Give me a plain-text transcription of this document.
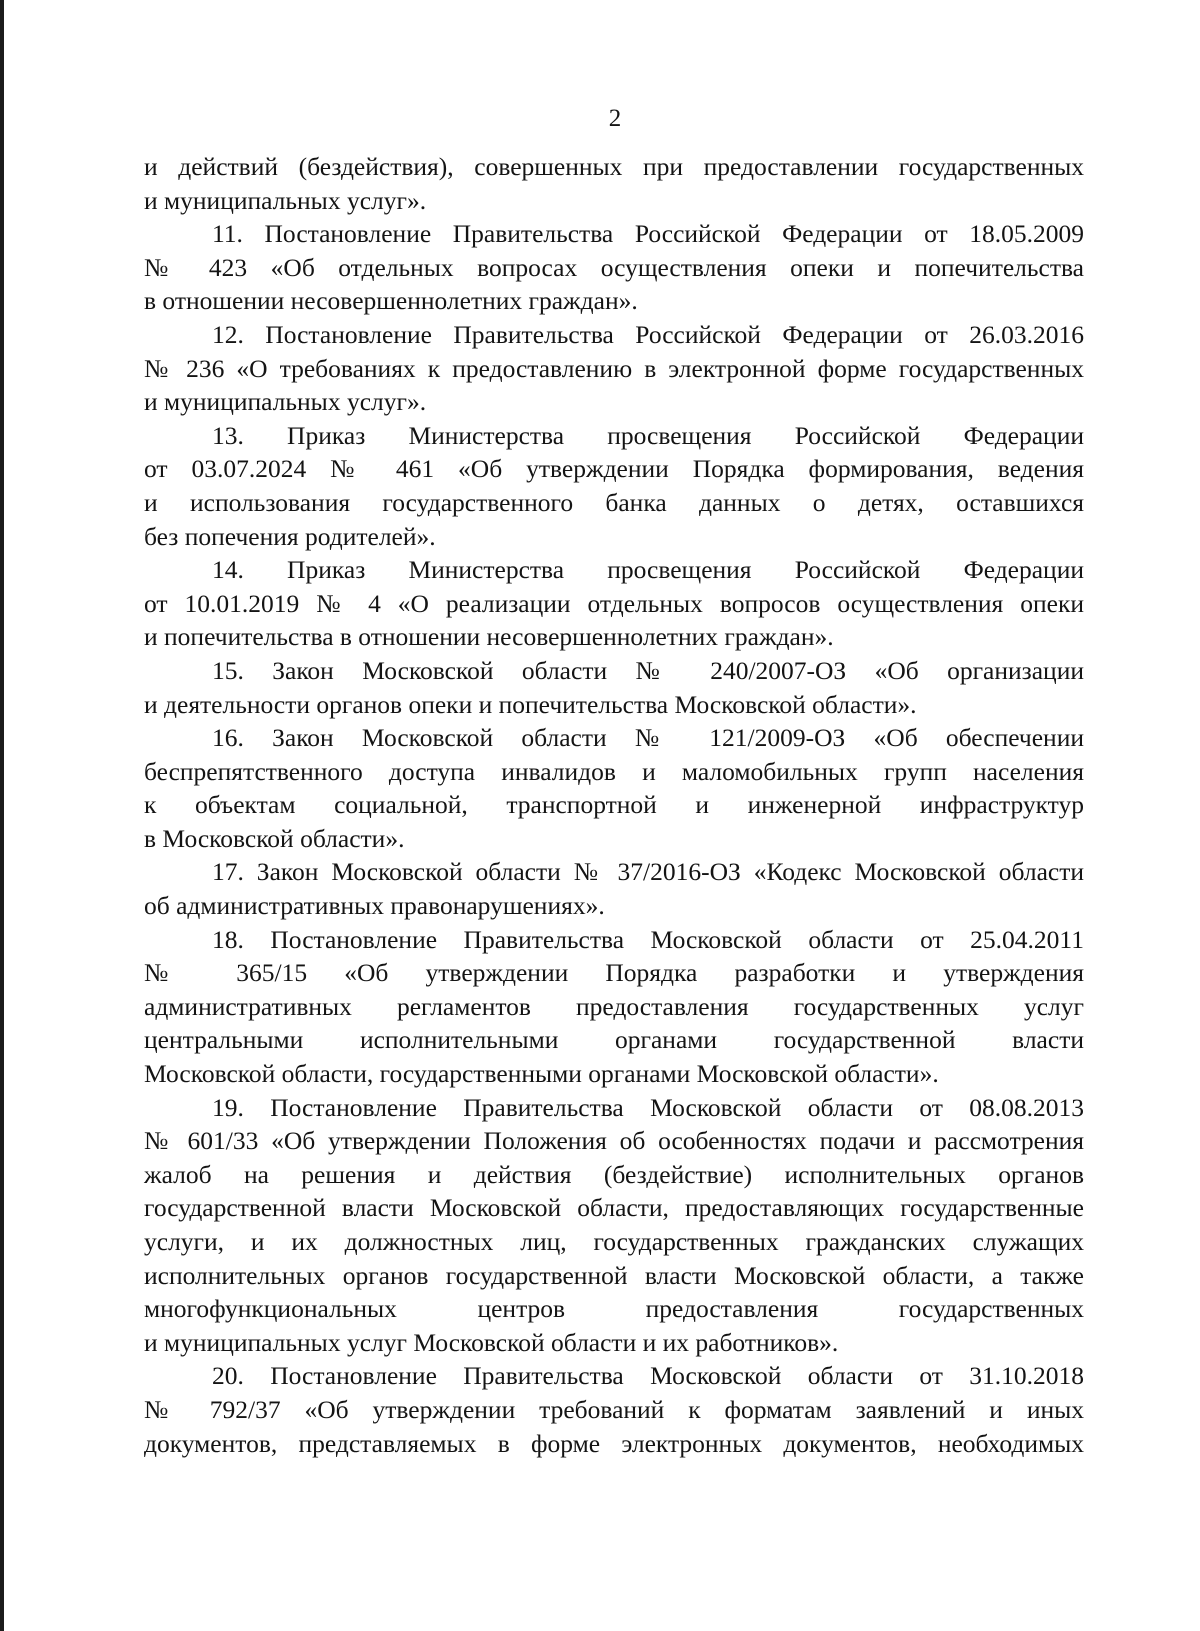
2

и действий (бездействия), совершенных при предоставлении государственных
и муниципальных услуг».

11. Постановление Правительства Российской Федерации от 18.05.2009
№ 423 «Об отдельных вопросах осуществления опеки и попечительства
в отношении несовершеннолетних граждан».

12. Постановление Правительства Российской Федерации от 26.03.2016
№ 236 «О требованиях к предоставлению в электронной форме государственных
и муниципальных услуг».

13. Приказ Министерства просвещения Российской Федерации
от 03.07.2024 № 461 «Об утверждении Порядка формирования, ведения
и использования государственного банка данных о детях, оставшихся
без попечения родителей».

14. Приказ Министерства просвещения Российской Федерации
от 10.01.2019 № 4 «О реализации отдельных вопросов осуществления опеки
и попечительства в отношении несовершеннолетних граждан».

15. Закон Московской области № 240/2007-ОЗ «Об организации
и деятельности органов опеки и попечительства Московской области».

16. Закон Московской области № 121/2009-ОЗ «Об обеспечении
беспрепятственного доступа инвалидов и маломобильных групп населения
к объектам социальной, транспортной и инженерной инфраструктур
в Московской области».

17. Закон Московской области № 37/2016-ОЗ «Кодекс Московской области
об административных правонарушениях».

18. Постановление Правительства Московской области от 25.04.2011
№ 365/15 «Об утверждении Порядка разработки и утверждения
административных регламентов предоставления государственных услуг
центральными исполнительными органами государственной власти
Московской области, государственными органами Московской области».

19. Постановление Правительства Московской области от 08.08.2013
№ 601/33 «Об утверждении Положения об особенностях подачи и рассмотрения
жалоб на решения и действия (бездействие) исполнительных органов
государственной власти Московской области, предоставляющих государственные
услуги, и их должностных лиц, государственных гражданских служащих
исполнительных органов государственной власти Московской области, а также
многофункциональных центров предоставления государственных
и муниципальных услуг Московской области и их работников».

20. Постановление Правительства Московской области от 31.10.2018
№ 792/37 «Об утверждении требований к форматам заявлений и иных
документов, представляемых в форме электронных документов, необходимых
